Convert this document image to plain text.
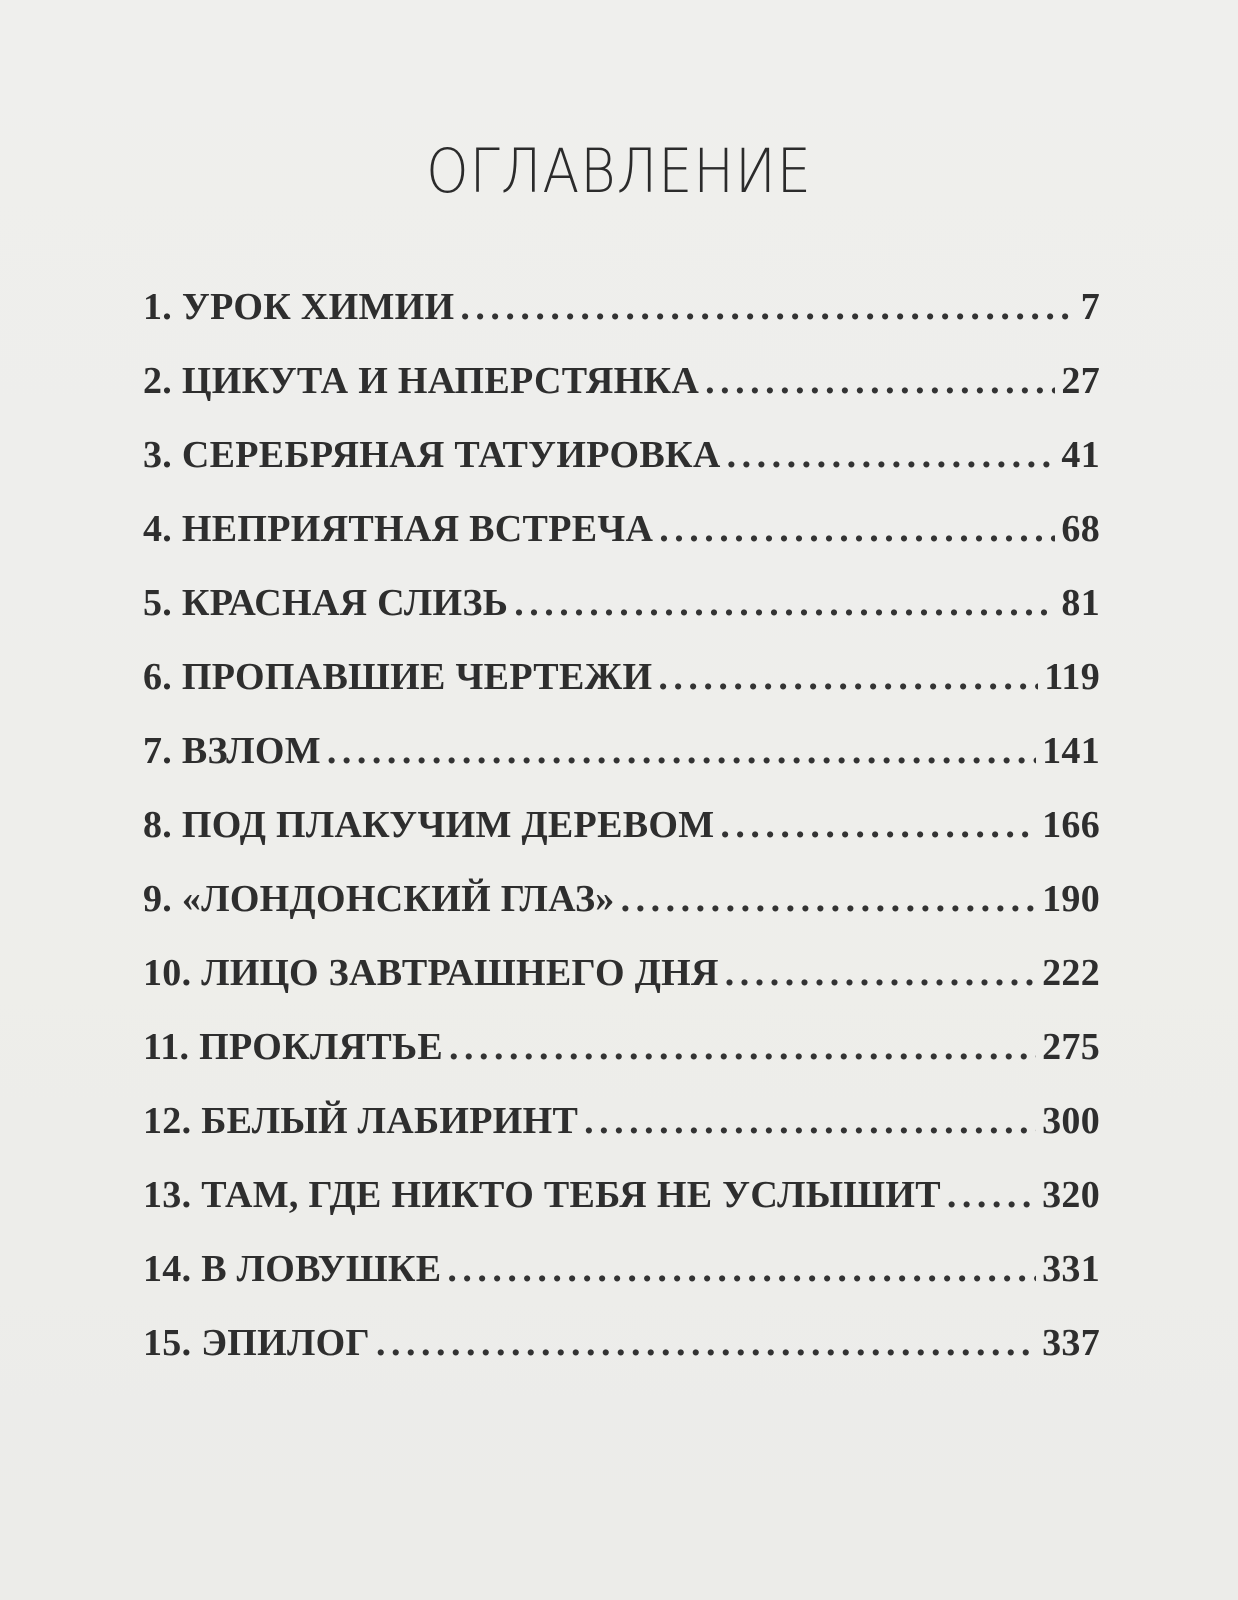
ОГЛАВЛЕНИЕ
1. УРОК ХИМИИ . . .	7
2. ЦИКУТА И НАПЕРСТЯНКА . . .	27
3. СЕРЕБРЯНАЯ ТАТУИРОВКА . . .	41
4. НЕПРИЯТНАЯ ВСТРЕЧА . . .	68
5. КРАСНАЯ СЛИЗЬ . . .	81
6. ПРОПАВШИЕ ЧЕРТЕЖИ . . .	119
7. ВЗЛОМ . . .	141
8. ПОД ПЛАКУЧИМ ДЕРЕВОМ . . .	166
9. «ЛОНДОНСКИЙ ГЛАЗ» . . .	190
10. ЛИЦО ЗАВТРАШНЕГО ДНЯ . . .	222
11. ПРОКЛЯТЬЕ . . .	275
12. БЕЛЫЙ ЛАБИРИНТ . . .	300
13. ТАМ, ГДЕ НИКТО ТЕБЯ НЕ УСЛЫШИТ . . .	320
14. В ЛОВУШКЕ . . .	331
15. ЭПИЛОГ . . .	337
